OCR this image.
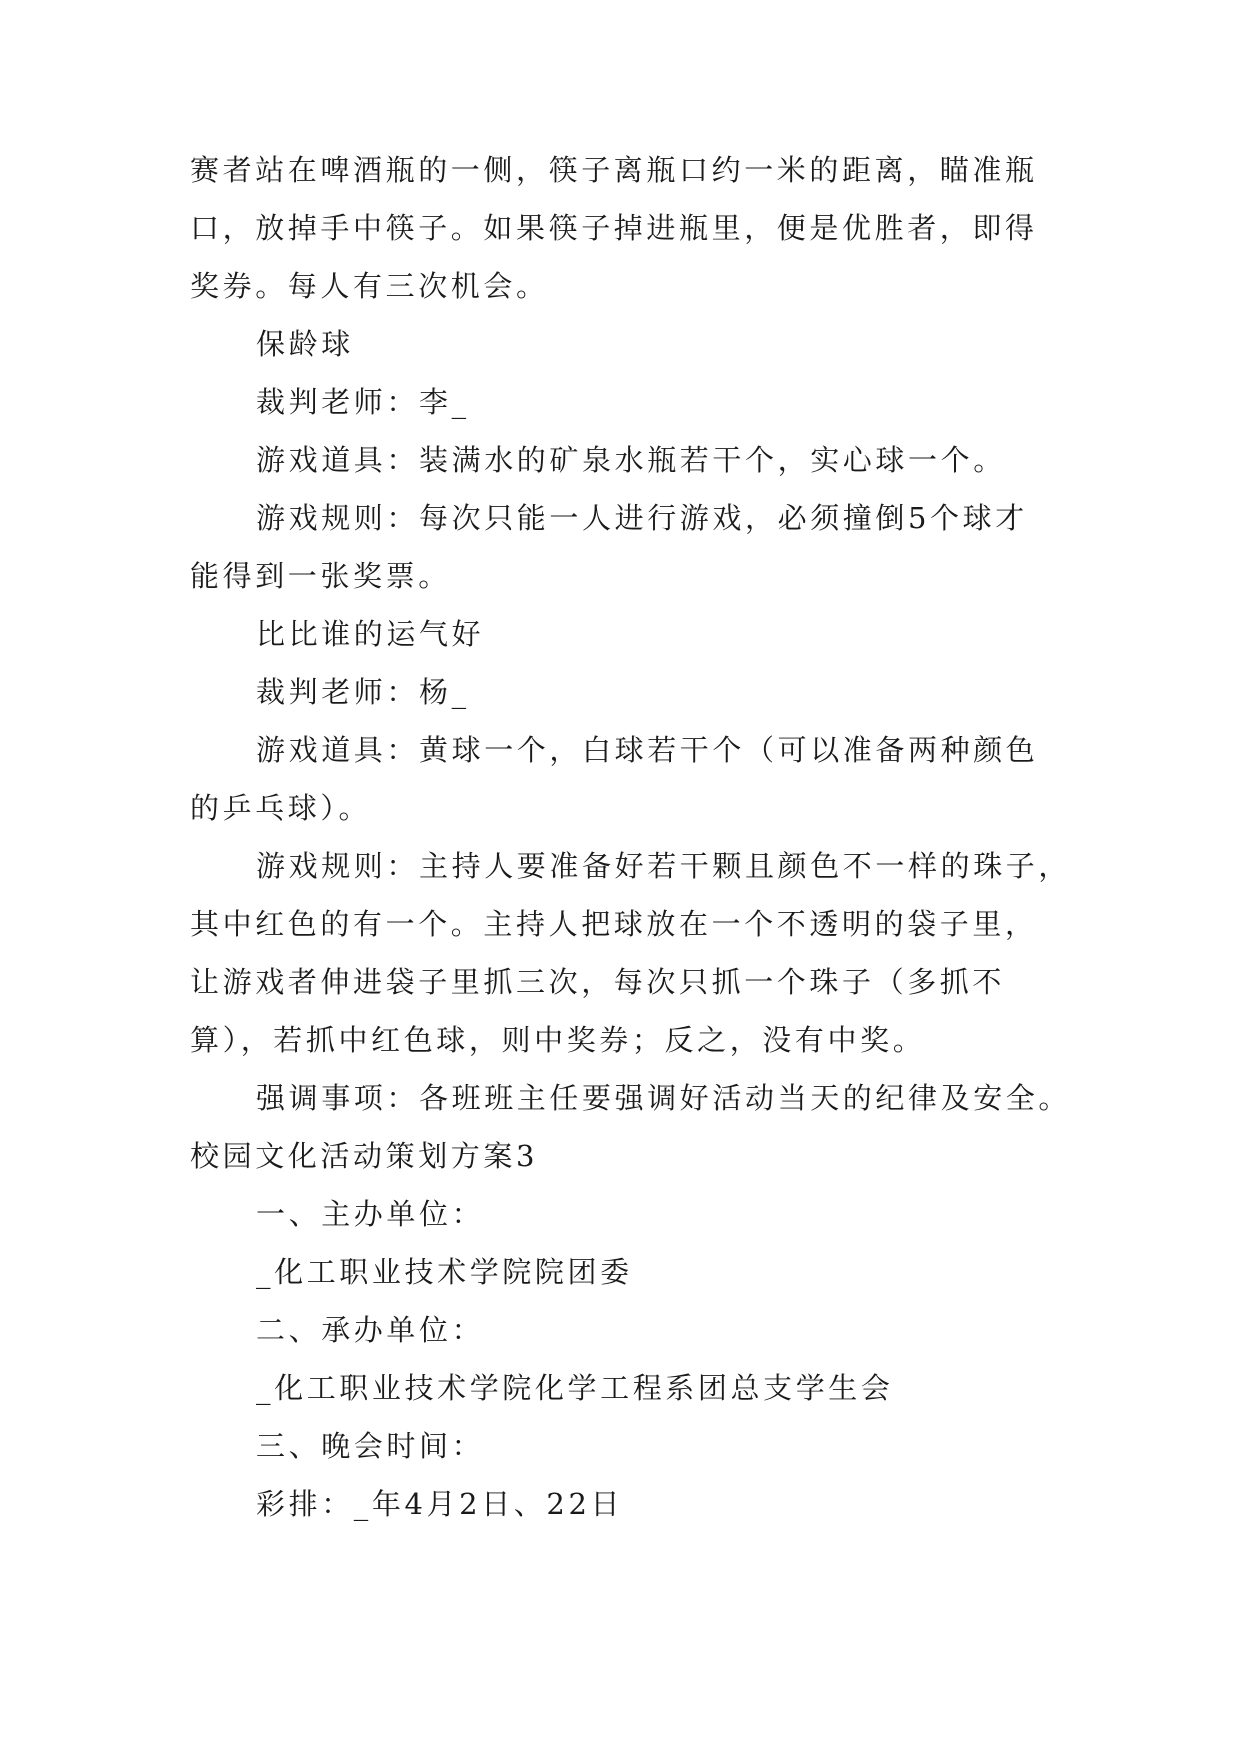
赛者站在啤酒瓶的一侧，筷子离瓶口约一米的距离，瞄准瓶
口，放掉手中筷子。如果筷子掉进瓶里，便是优胜者，即得
奖券。每人有三次机会。
保龄球
裁判老师：李_
游戏道具：装满水的矿泉水瓶若干个，实心球一个。
游戏规则：每次只能一人进行游戏，必须撞倒5个球才
能得到一张奖票。
比比谁的运气好
裁判老师：杨_
游戏道具：黄球一个，白球若干个（可以准备两种颜色
的乒乓球）。
游戏规则：主持人要准备好若干颗且颜色不一样的珠子，
其中红色的有一个。主持人把球放在一个不透明的袋子里，
让游戏者伸进袋子里抓三次，每次只抓一个珠子（多抓不
算），若抓中红色球，则中奖券；反之，没有中奖。
强调事项：各班班主任要强调好活动当天的纪律及安全。
校园文化活动策划方案3
一、主办单位：
_化工职业技术学院院团委
二、承办单位：
_化工职业技术学院化学工程系团总支学生会
三、晚会时间：
彩排：_年4月2日、22日
